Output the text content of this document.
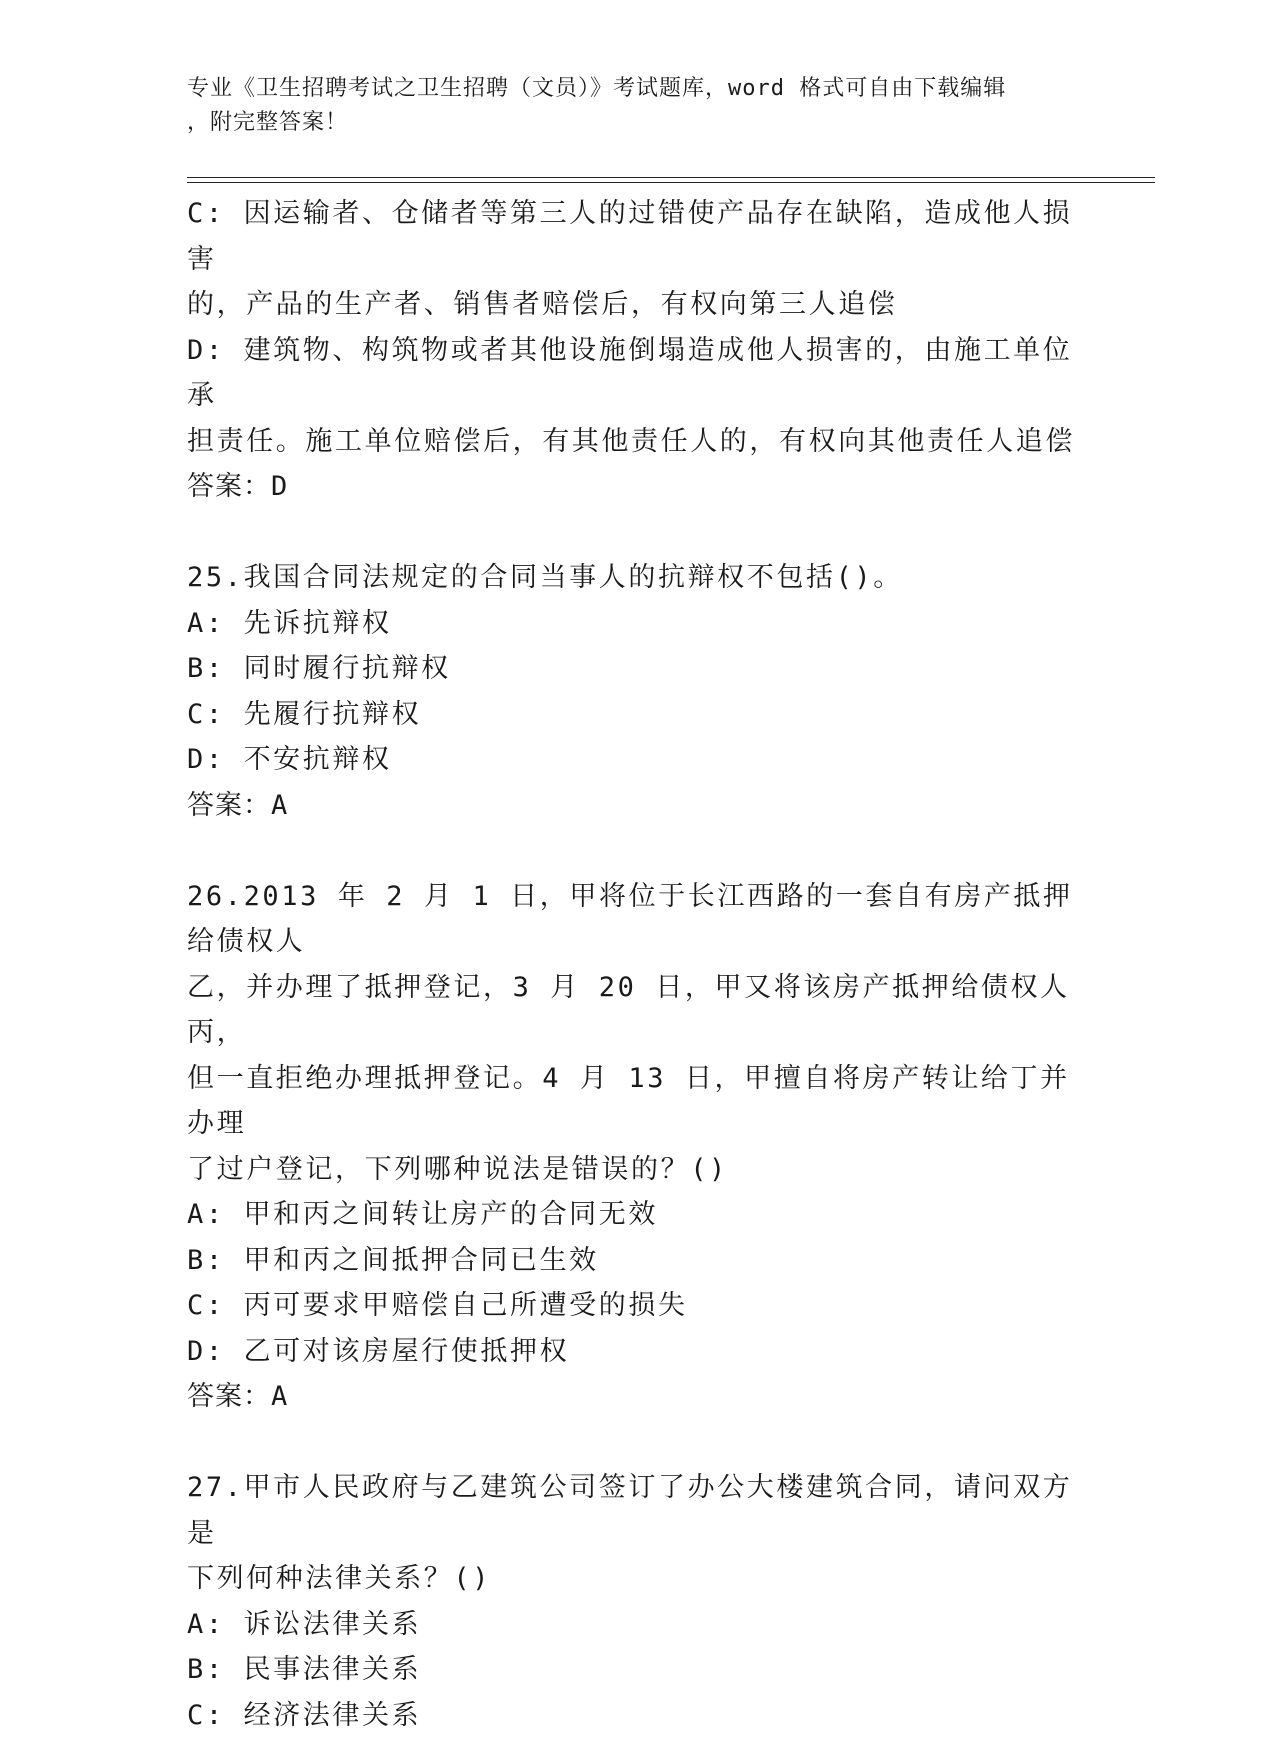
专业《卫生招聘考试之卫生招聘（文员）》考试题库，word 格式可自由下载编辑
，附完整答案！

C: 因运输者、仓储者等第三人的过错使产品存在缺陷，造成他人损害

的，产品的生产者、销售者赔偿后，有权向第三人追偿

D: 建筑物、构筑物或者其他设施倒塌造成他人损害的，由施工单位承

担责任。施工单位赔偿后，有其他责任人的，有权向其他责任人追偿

答案：D

25.我国合同法规定的合同当事人的抗辩权不包括()。

A: 先诉抗辩权

B: 同时履行抗辩权

C: 先履行抗辩权

D: 不安抗辩权

答案：A

26.2013 年 2 月 1 日，甲将位于长江西路的一套自有房产抵押给债权人

乙，并办理了抵押登记，3 月 20 日，甲又将该房产抵押给债权人丙，

但一直拒绝办理抵押登记。4 月 13 日，甲擅自将房产转让给丁并办理

了过户登记，下列哪种说法是错误的？()

A: 甲和丙之间转让房产的合同无效

B: 甲和丙之间抵押合同已生效

C: 丙可要求甲赔偿自己所遭受的损失

D: 乙可对该房屋行使抵押权

答案：A

27.甲市人民政府与乙建筑公司签订了办公大楼建筑合同，请问双方是

下列何种法律关系？()

A: 诉讼法律关系

B: 民事法律关系

C: 经济法律关系
